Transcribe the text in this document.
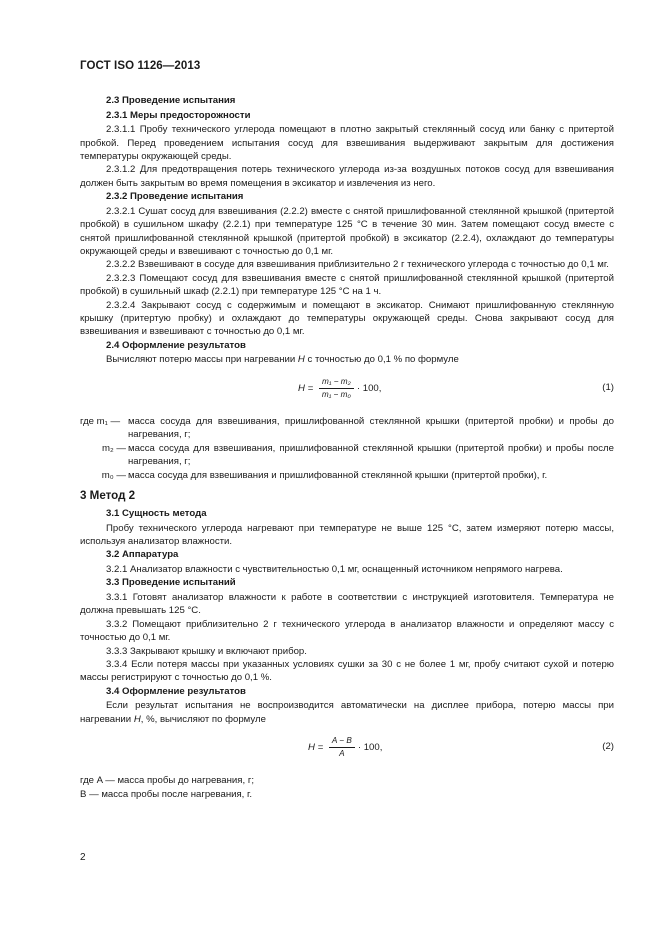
ГОСТ ISO 1126—2013
2.3 Проведение испытания
2.3.1 Меры предосторожности

2.3.1.1 Пробу технического углерода помещают в плотно закрытый стеклянный сосуд или банку с притертой пробкой. Перед проведением испытания сосуд для взвешивания выдерживают закрытым для достижения температуры окружающей среды.

2.3.1.2 Для предотвращения потерь технического углерода из-за воздушных потоков сосуд для взвешивания должен быть закрытым во время помещения в эксикатор и извлечения из него.

2.3.2 Проведение испытания

2.3.2.1 Сушат сосуд для взвешивания (2.2.2) вместе с снятой пришлифованной стеклянной крышкой (притертой пробкой) в сушильном шкафу (2.2.1) при температуре 125 °С в течение 30 мин. Затем помещают сосуд вместе с снятой пришлифованной стеклянной крышкой (притертой пробкой) в эксикатор (2.2.4), охлаждают до температуры окружающей среды и взвешивают с точностью до 0,1 мг.

2.3.2.2 Взвешивают в сосуде для взвешивания приблизительно 2 г технического углерода с точностью до 0,1 мг.

2.3.2.3 Помещают сосуд для взвешивания вместе с снятой пришлифованной стеклянной крышкой (притертой пробкой) в сушильный шкаф (2.2.1) при температуре 125 °С на 1 ч.

2.3.2.4 Закрывают сосуд с содержимым и помещают в эксикатор. Снимают пришлифованную стеклянную крышку (притертую пробку) и охлаждают до температуры окружающей среды. Снова закрывают сосуд для взвешивания и взвешивают с точностью до 0,1 мг.

2.4 Оформление результатов

Вычисляют потерю массы при нагревании H с точностью до 0,1 % по формуле

$H = \frac{\text{m₁ − m₂}}{\text{m₁ − m₀}} \cdot 100$,	(1)
где m₁ — масса сосуда для взвешивания, пришлифованной стеклянной крышки (притертой пробки) и пробы до нагревания, г;
m₂ — масса сосуда для взвешивания, пришлифованной стеклянной крышки (притертой пробки) и пробы после нагревания, г;
m₀ — масса сосуда для взвешивания и пришлифованной стеклянной крышки (притертой пробки), г.
3 Метод 2
3.1 Сущность метода

Пробу технического углерода нагревают при температуре не выше 125 °С, затем измеряют потерю массы, используя анализатор влажности.

3.2 Аппаратура

3.2.1 Анализатор влажности с чувствительностью 0,1 мг, оснащенный источником непрямого нагрева.

3.3 Проведение испытаний

3.3.1 Готовят анализатор влажности к работе в соответствии с инструкцией изготовителя. Температура не должна превышать 125 °С.

3.3.2 Помещают приблизительно 2 г технического углерода в анализатор влажности и определяют массу с точностью до 0,1 мг.

3.3.3 Закрывают крышку и включают прибор.

3.3.4 Если потеря массы при указанных условиях сушки за 30 с не более 1 мг, пробу считают сухой и потерю массы регистрируют с точностью до 0,1 %.

3.4 Оформление результатов

Если результат испытания не воспроизводится автоматически на дисплее прибора, потерю массы при нагревании H, %, вычисляют по формуле

$H = \frac{A - B}{A} \cdot 100$,	(2)

где A — масса пробы до нагревания, г;

B — масса пробы после нагревания, г.

2
